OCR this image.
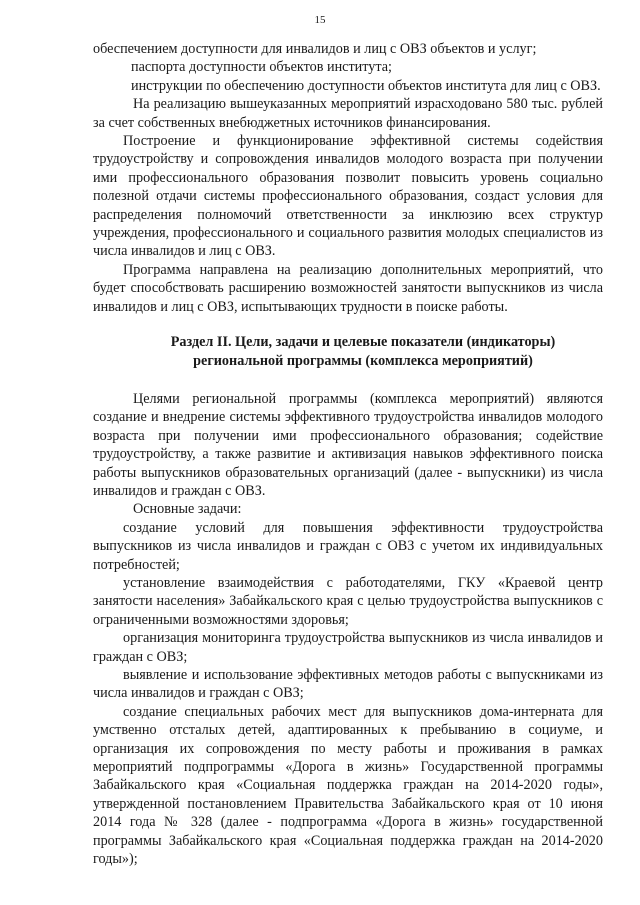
15

обеспечением доступности для инвалидов и лиц с ОВЗ объектов и услуг;

паспорта доступности объектов института;

инструкции по обеспечению доступности объектов института для лиц с ОВЗ.

На реализацию вышеуказанных мероприятий израсходовано 580 тыс. рублей за счет собственных внебюджетных источников финансирования.

Построение и функционирование эффективной системы содействия трудоустройству и сопровождения инвалидов молодого возраста при получении ими профессионального образования позволит повысить уровень социально полезной отдачи системы профессионального образования, создаст условия для распределения полномочий ответственности за инклюзию всех структур учреждения, профессионального и социального развития молодых специалистов из числа инвалидов и лиц с ОВЗ.

Программа направлена на реализацию дополнительных мероприятий, что будет способствовать расширению возможностей занятости выпускников из числа инвалидов и лиц с ОВЗ, испытывающих трудности в поиске работы.

Раздел II. Цели, задачи и целевые показатели (индикаторы)
региональной программы (комплекса мероприятий)

Целями региональной программы (комплекса мероприятий) являются создание и внедрение системы эффективного трудоустройства инвалидов молодого возраста при получении ими профессионального образования; содействие трудоустройству, а также развитие и активизация навыков эффективного поиска работы выпускников образовательных организаций (далее - выпускники) из числа инвалидов и граждан с ОВЗ.

Основные задачи:

создание условий для повышения эффективности трудоустройства выпускников из числа инвалидов и граждан с ОВЗ с учетом их индивидуальных потребностей;

установление взаимодействия с работодателями, ГКУ «Краевой центр занятости населения» Забайкальского края с целью трудоустройства выпускников с ограниченными возможностями здоровья;

организация мониторинга трудоустройства выпускников из числа инвалидов и граждан с ОВЗ;

выявление и использование эффективных методов работы с выпускниками из числа инвалидов и граждан с ОВЗ;

создание специальных рабочих мест для выпускников дома-интерната для умственно отсталых детей, адаптированных к пребыванию в социуме, и организация их сопровождения по месту работы и проживания в рамках мероприятий подпрограммы «Дорога в жизнь» Государственной программы Забайкальского края «Социальная поддержка граждан на 2014-2020 годы», утвержденной постановлением Правительства Забайкальского края от 10 июня 2014 года № 328 (далее - подпрограмма «Дорога в жизнь» государственной программы Забайкальского края «Социальная поддержка граждан на 2014-2020 годы»);
